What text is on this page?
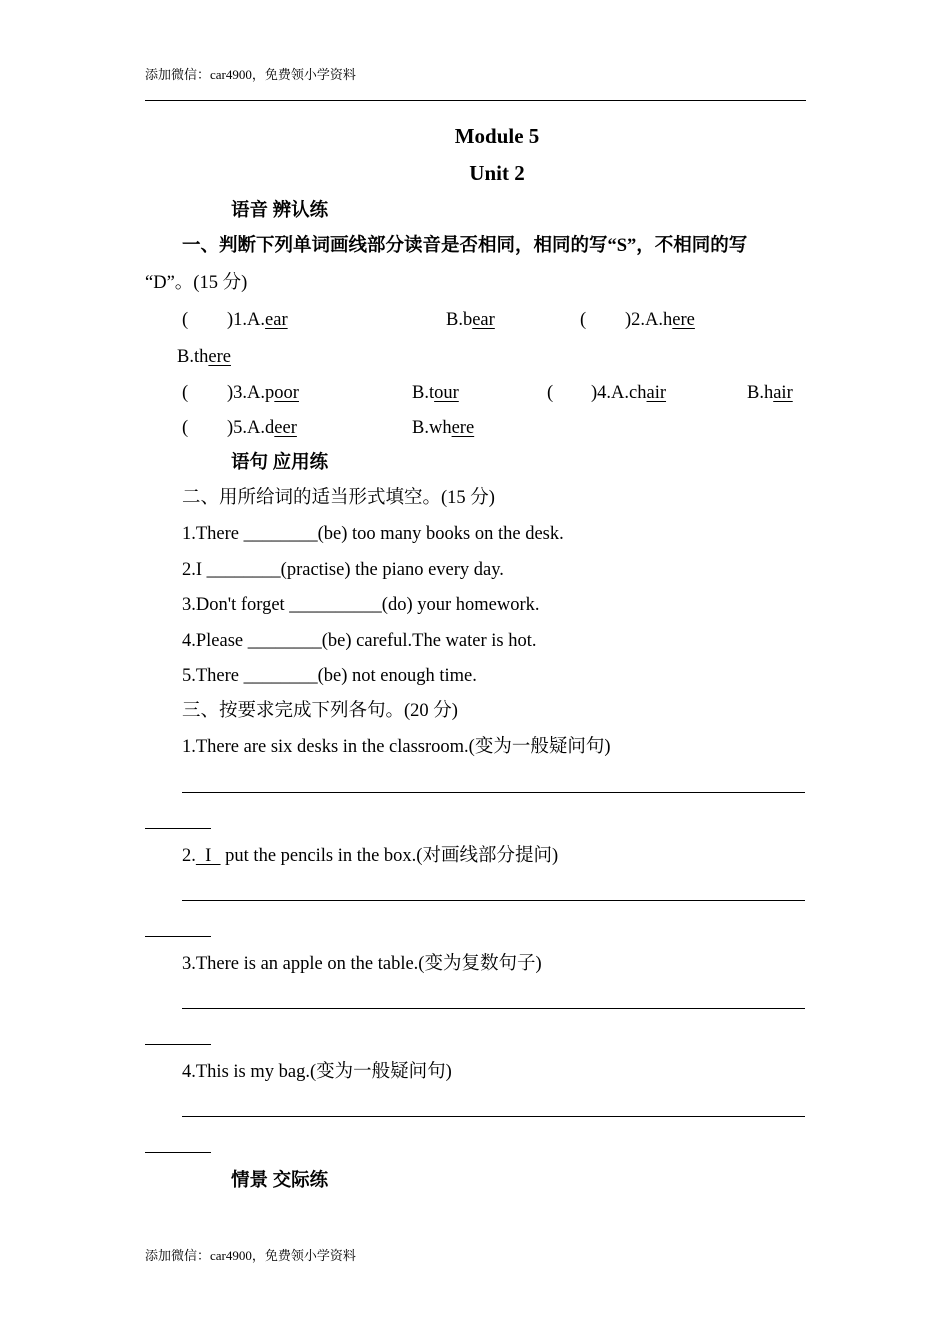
添加微信：car4900，免费领小学资料
Module 5
Unit 2
语音 辨认练
一、判断下列单词画线部分读音是否相同，相同的写“S”，不相同的写
“D”。(15 分)
( )1.A.ear	B.bear	( )2.A.here
B.there
( )3.A.poor	B.tour	( )4.A.chair	B.hair
( )5.A.deer	B.where
语句 应用练
二、用所给词的适当形式填空。(15 分)
1.There ________(be) too many books on the desk.
2.I ________(practise) the piano every day.
3.Don't forget __________(do) your homework.
4.Please ________(be) careful.The water is hot.
5.There ________(be) not enough time.
三、按要求完成下列各句。(20 分)
1.There are six desks in the classroom.(变为一般疑问句)
2.  I   put the pencils in the box.(对画线部分提问)
3.There is an apple on the table.(变为复数句子)
4.This is my bag.(变为一般疑问句)
情景 交际练
添加微信：car4900，免费领小学资料
